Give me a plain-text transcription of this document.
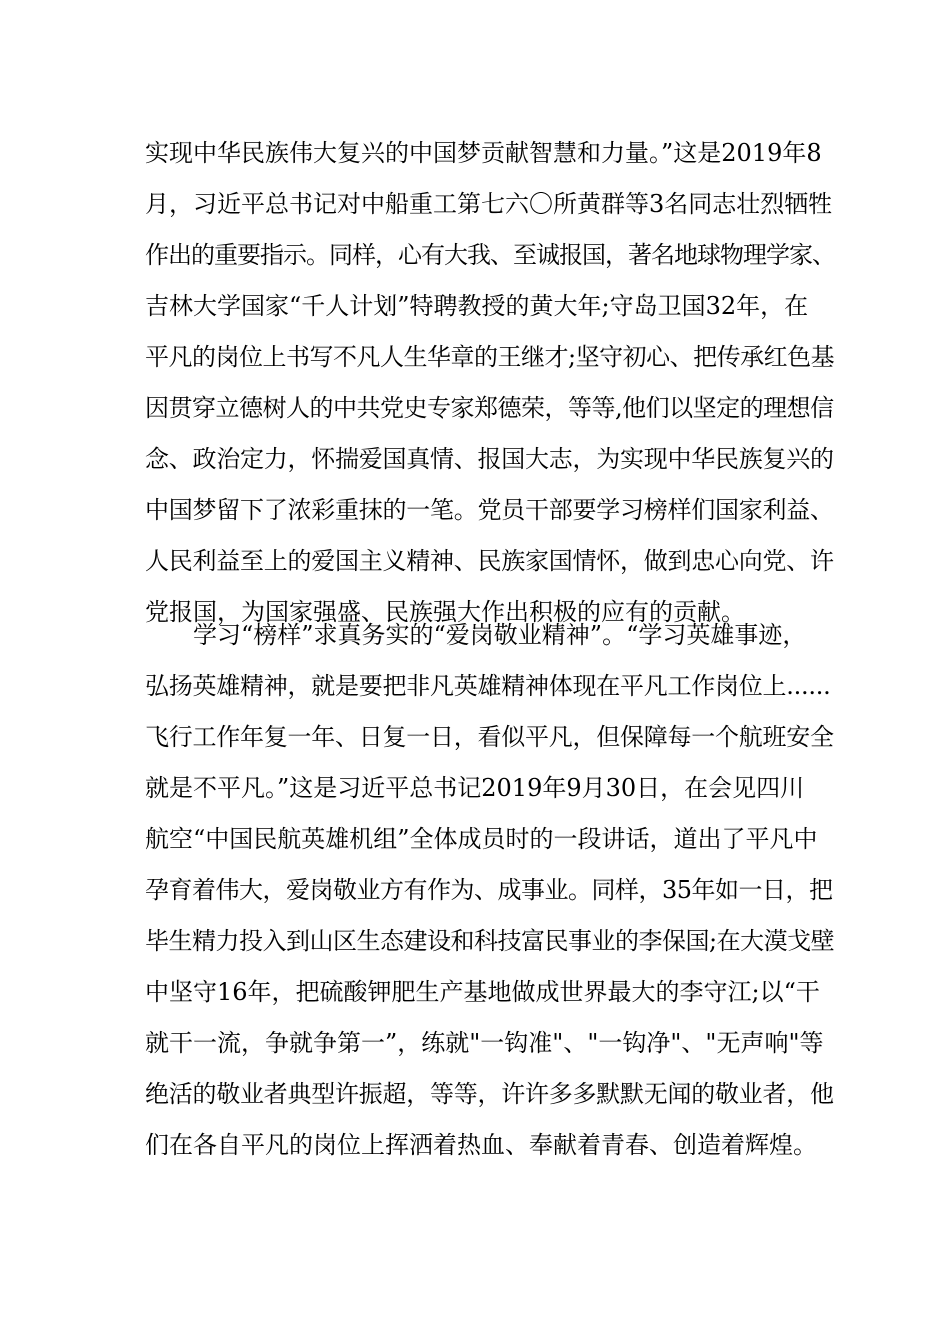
实现中华民族伟大复兴的中国梦贡献智慧和力量。”这是2019年8
月，习近平总书记对中船重工第七六〇所黄群等3名同志壮烈牺牲
作出的重要指示。同样，心有大我、至诚报国，著名地球物理学家、
吉林大学国家“千人计划”特聘教授的黄大年;守岛卫国32年，在
平凡的岗位上书写不凡人生华章的王继才;坚守初心、把传承红色基
因贯穿立德树人的中共党史专家郑德荣，等等,他们以坚定的理想信
念、政治定力，怀揣爱国真情、报国大志，为实现中华民族复兴的
中国梦留下了浓彩重抹的一笔。党员干部要学习榜样们国家利益、
人民利益至上的爱国主义精神、民族家国情怀，做到忠心向党、许
党报国，为国家强盛、民族强大作出积极的应有的贡献。
学习“榜样”求真务实的“爱岗敬业精神”。“学习英雄事迹，
弘扬英雄精神，就是要把非凡英雄精神体现在平凡工作岗位上......
飞行工作年复一年、日复一日，看似平凡，但保障每一个航班安全
就是不平凡。”这是习近平总书记2019年9月30日，在会见四川
航空“中国民航英雄机组”全体成员时的一段讲话，道出了平凡中
孕育着伟大，爱岗敬业方有作为、成事业。同样，35年如一日，把
毕生精力投入到山区生态建设和科技富民事业的李保国;在大漠戈壁
中坚守16年，把硫酸钾肥生产基地做成世界最大的李守江;以“干
就干一流，争就争第一”，练就"一钩准"、"一钩净"、"无声响"等
绝活的敬业者典型许振超，等等，许许多多默默无闻的敬业者，他
们在各自平凡的岗位上挥洒着热血、奉献着青春、创造着辉煌。
